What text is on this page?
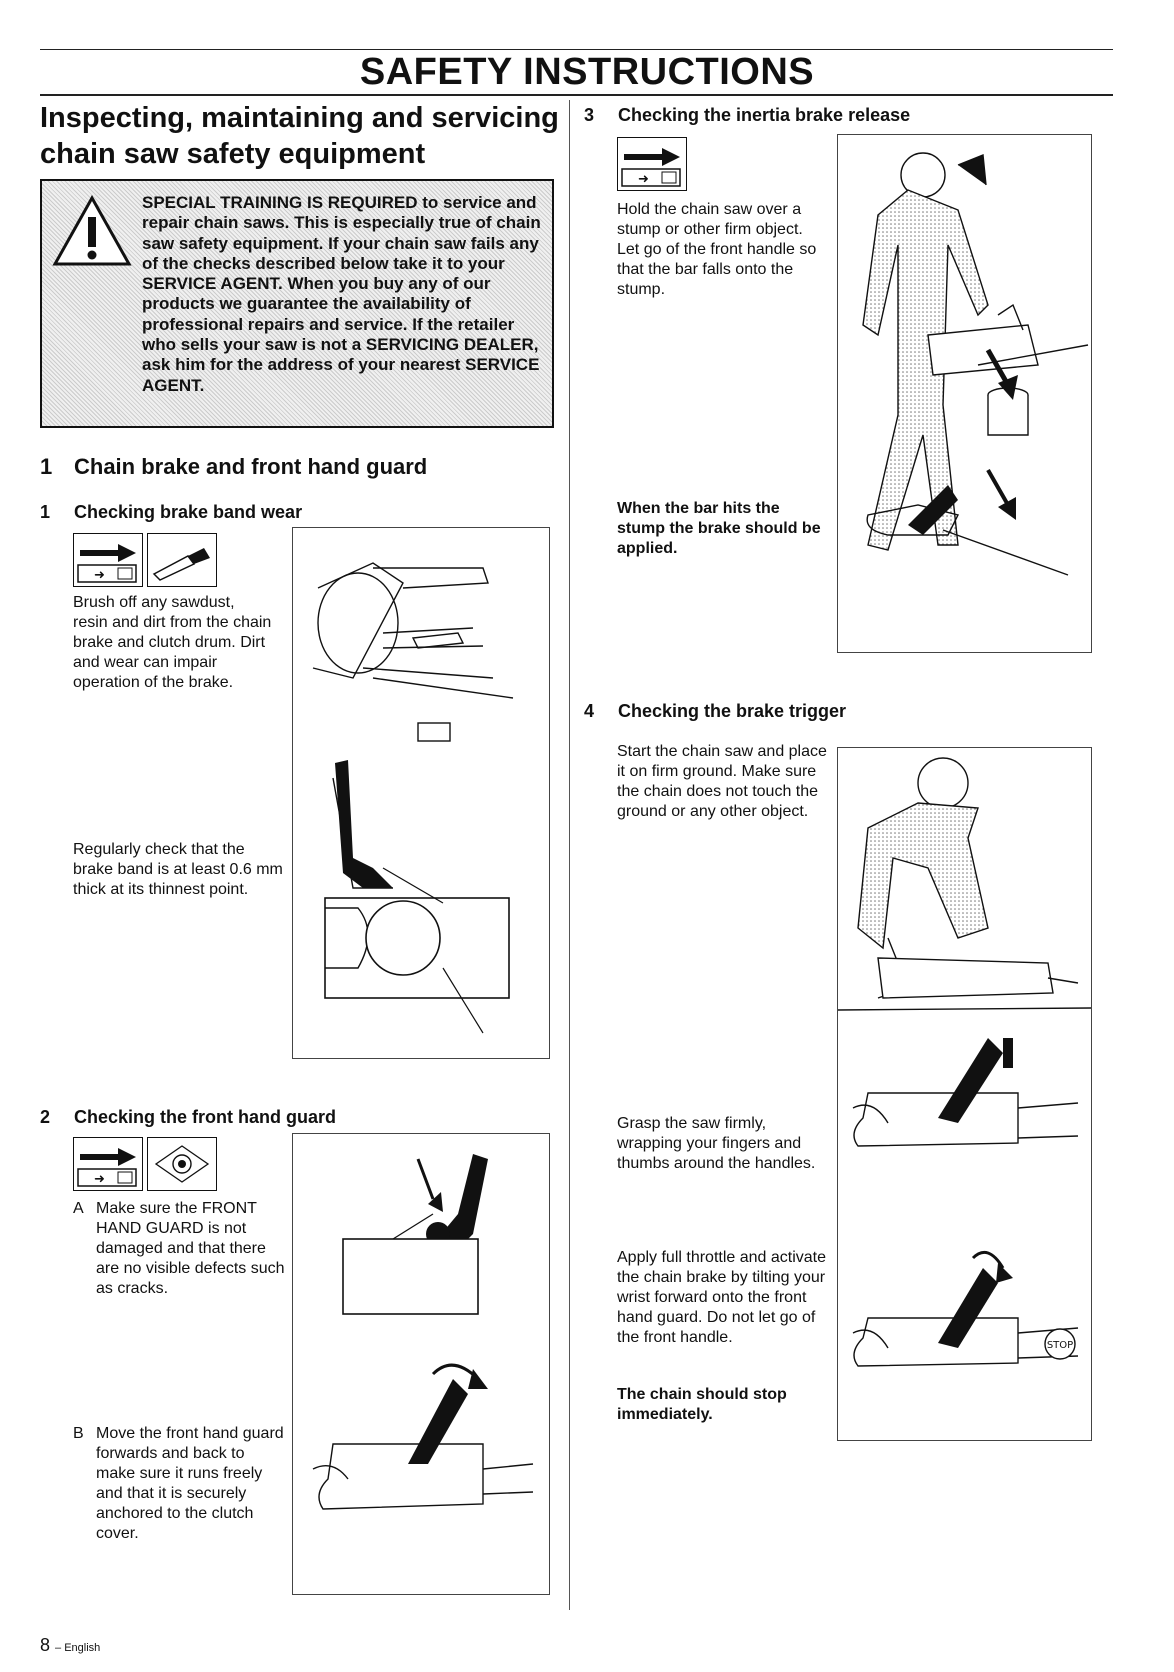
SAFETY INSTRUCTIONS
Inspecting, maintaining and servicing
chain saw safety equipment
SPECIAL TRAINING IS REQUIRED to service and repair chain saws. This is especially true of chain saw safety equipment. If your chain saw fails any of the checks described below take it to your SERVICE AGENT. When you buy any of our products we guarantee the availability of professional repairs and service. If the retailer who sells your saw is not a SERVICING DEALER, ask him for the address of your nearest SERVICE AGENT.
1 Chain brake and front hand guard
1 Checking brake band wear
➜
Brush off any sawdust, resin and dirt from the chain brake and clutch drum. Dirt and wear can impair operation of the brake.
Regularly check that the brake band is at least 0.6 mm thick at its thinnest point.
2 Checking the front hand guard
➜
A Make sure the FRONT HAND GUARD is not damaged and that there are no visible defects such as cracks.
B Move the front hand guard forwards and back to make sure it runs freely and that it is securely anchored to the clutch cover.
3 Checking the inertia brake release
➜
Hold the chain saw over a stump or other firm object. Let go of the front handle so that the bar falls onto the stump.
When the bar hits the stump the brake should be applied.
4 Checking the brake trigger
Start the chain saw and place it on firm ground. Make sure the chain does not touch the ground or any other object.
Grasp the saw firmly, wrapping your fingers and thumbs around the handles.
Apply full throttle and activate the chain brake by tilting your wrist forward onto the front hand guard. Do not let go of the front handle.
The chain should stop immediately.
STOP
8 – English
